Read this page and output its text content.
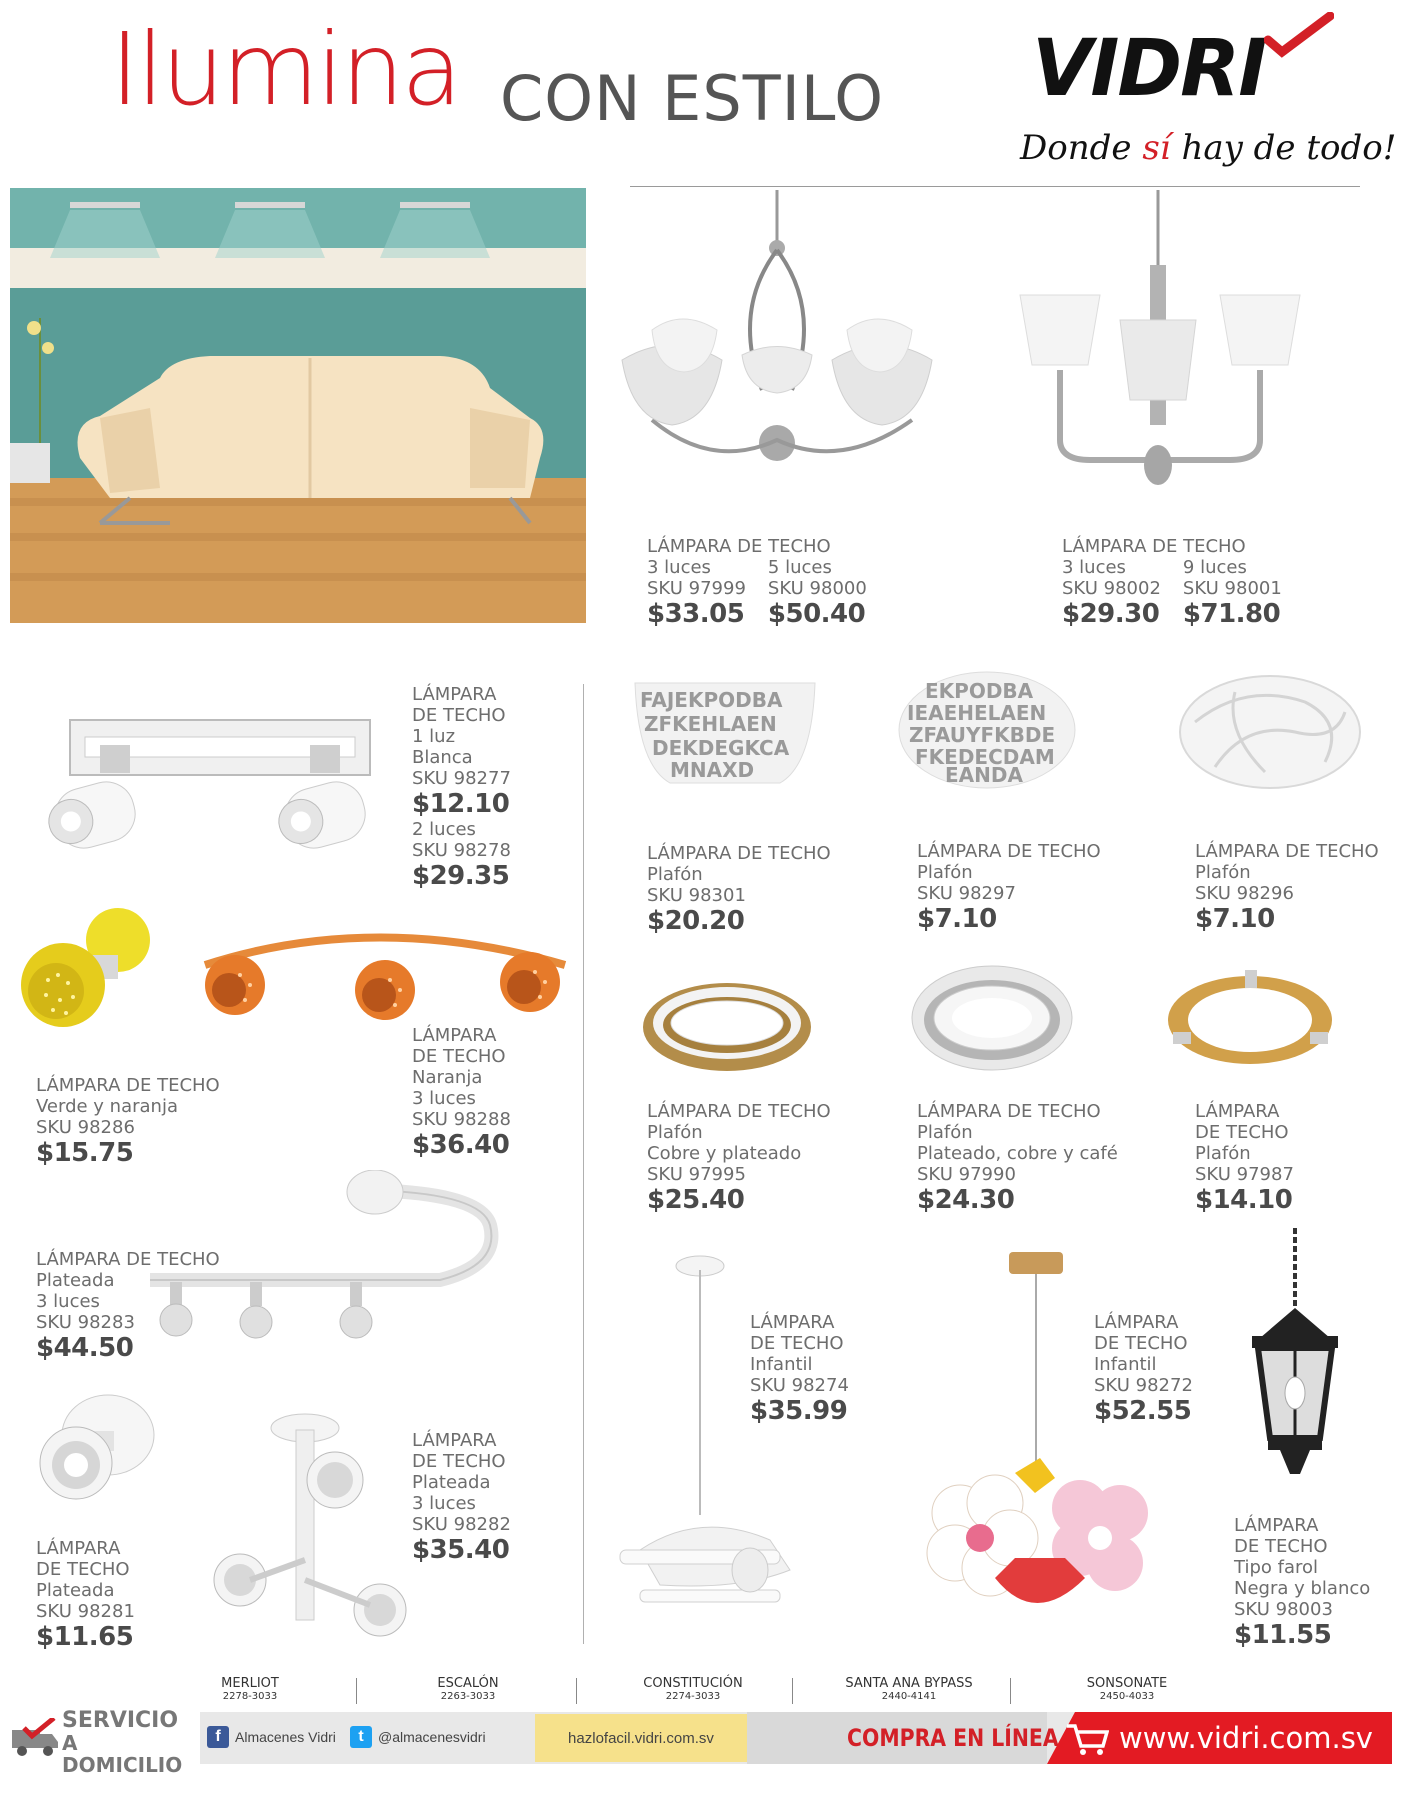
Ilumina CON ESTILO VIDRI
Donde sí hay de todo!
LÁMPARA DE TECHO
3 luces
SKU 97999
$33.05
5 luces
SKU 98000
$50.40
LÁMPARA DE TECHO
3 luces
SKU 98002
$29.30
9 luces
SKU 98001
$71.80
LÁMPARA
DE TECHO
1 luz
Blanca
SKU 98277
$12.10
2 luces
SKU 98278
$29.35
FAJEKPODBA
ZFKEHLAEN
DEKDEGKCA
MNAXD
EKPODBA
IEAEHELAEN
ZFAUYFKBDE
FKEDECDAM
EANDA
LÁMPARA DE TECHO
Plafón
SKU 98301
$20.20
LÁMPARA DE TECHO
Plafón
SKU 98297
$7.10
LÁMPARA DE TECHO
Plafón
SKU 98296
$7.10
LÁMPARA DE TECHO
Verde y naranja
SKU 98286
$15.75
LÁMPARA
DE TECHO
Naranja
3 luces
SKU 98288
$36.40
LÁMPARA DE TECHO
Plafón
Cobre y plateado
SKU 97995
$25.40
LÁMPARA DE TECHO
Plafón
Plateado, cobre y café
SKU 97990
$24.30
LÁMPARA
DE TECHO
Plafón
SKU 97987
$14.10
LÁMPARA DE TECHO
Plateada
3 luces
SKU 98283
$44.50
LÁMPARA
DE TECHO
Infantil
SKU 98274
$35.99
LÁMPARA
DE TECHO
Infantil
SKU 98272
$52.55
LÁMPARA
DE TECHO
Plateada
3 luces
SKU 98282
$35.40
LÁMPARA
DE TECHO
Plateada
SKU 98281
$11.65
LÁMPARA
DE TECHO
Tipo farol
Negra y blanco
SKU 98003
$11.55
MERLIOT
2278-3033
ESCALÓN
2263-3033
CONSTITUCIÓN
2274-3033
SANTA ANA BYPASS
2440-4141
SONSONATE
2450-4033
SERVICIO
A DOMICILIO
f	Almacenes Vidri	t	@almacenesvidri	hazlofacil.vidri.com.sv	COMPRA EN LÍNEA www.vidri.com.sv
